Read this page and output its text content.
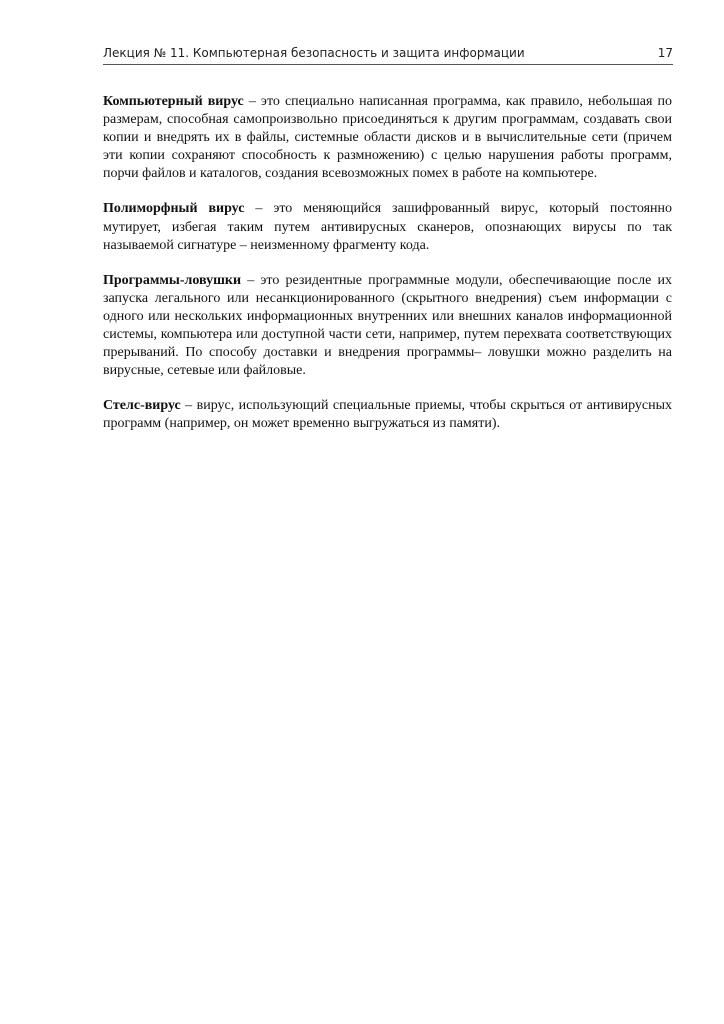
Лекция № 11. Компьютерная безопасность и защита информации	17

Компьютерный вирус – это специально написанная программа, как правило, небольшая по размерам, способная самопроизвольно присоединяться к другим программам, создавать свои копии и внедрять их в файлы, системные области дисков и в вычислительные сети (причем эти копии сохраняют способность к размножению) с целью нарушения работы программ, порчи файлов и каталогов, создания всевозможных помех в работе на компьютере.

Полиморфный вирус – это меняющийся зашифрованный вирус, который постоянно мутирует, избегая таким путем антивирусных сканеров, опознающих вирусы по так называемой сигнатуре – неизменному фрагменту кода.

Программы-ловушки – это резидентные программные модули, обеспечивающие после их запуска легального или несанкционированного (скрытного внедрения) съем информации с одного или нескольких информационных внутренних или внешних каналов информационной системы, компьютера или доступной части сети, например, путем перехвата соответствующих прерываний. По способу доставки и внедрения программы– ловушки можно разделить на вирусные, сетевые или файловые.

Стелс-вирус – вирус, использующий специальные приемы, чтобы скрыться от антивирусных программ (например, он может временно выгружаться из памяти).
